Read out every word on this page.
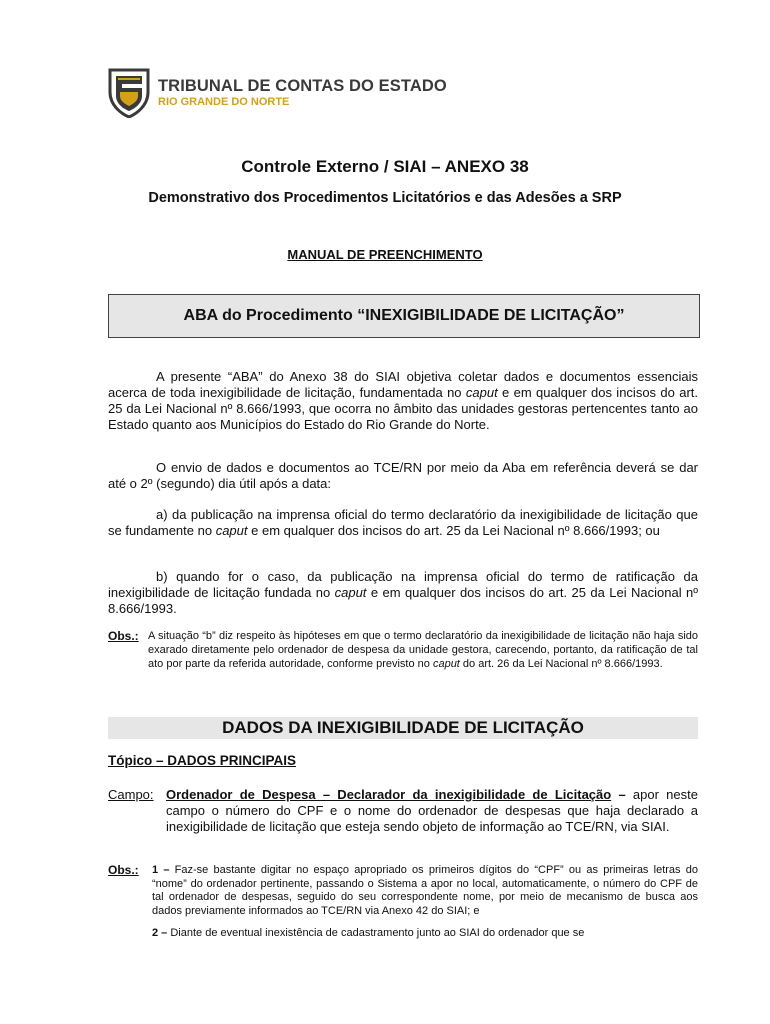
TRIBUNAL DE CONTAS DO ESTADO
RIO GRANDE DO NORTE
Controle Externo / SIAI – ANEXO 38
Demonstrativo dos Procedimentos Licitatórios e das Adesões a SRP
MANUAL DE PREENCHIMENTO
ABA do Procedimento “INEXIGIBILIDADE DE LICITAÇÃO”
A presente “ABA” do Anexo 38 do SIAI objetiva coletar dados e documentos essenciais acerca de toda inexigibilidade de licitação, fundamentada no caput e em qualquer dos incisos do art. 25 da Lei Nacional nº 8.666/1993, que ocorra no âmbito das unidades gestoras pertencentes tanto ao Estado quanto aos Municípios do Estado do Rio Grande do Norte.
O envio de dados e documentos ao TCE/RN por meio da Aba em referência deverá se dar até o 2º (segundo) dia útil após a data:
a) da publicação na imprensa oficial do termo declaratório da inexigibilidade de licitação que se fundamente no caput e em qualquer dos incisos do art. 25 da Lei Nacional nº 8.666/1993; ou
b) quando for o caso, da publicação na imprensa oficial do termo de ratificação da inexigibilidade de licitação fundada no caput e em qualquer dos incisos do art. 25 da Lei Nacional nº 8.666/1993.
Obs.: A situação “b” diz respeito às hipóteses em que o termo declaratório da inexigibilidade de licitação não haja sido exarado diretamente pelo ordenador de despesa da unidade gestora, carecendo, portanto, da ratificação de tal ato por parte da referida autoridade, conforme previsto no caput do art. 26 da Lei Nacional nº 8.666/1993.
DADOS DA INEXIGIBILIDADE DE LICITAÇÃO
Tópico – DADOS PRINCIPAIS
Campo: Ordenador de Despesa – Declarador da inexigibilidade de Licitação – apor neste campo o número do CPF e o nome do ordenador de despesas que haja declarado a inexigibilidade de licitação que esteja sendo objeto de informação ao TCE/RN, via SIAI.
Obs.:	1 – Faz-se bastante digitar no espaço apropriado os primeiros dígitos do “CPF” ou as primeiras letras do “nome” do ordenador pertinente, passando o Sistema a apor no local, automaticamente, o número do CPF de tal ordenador de despesas, seguido do seu correspondente nome, por meio de mecanismo de busca aos dados previamente informados ao TCE/RN via Anexo 42 do SIAI; e
2 – Diante de eventual inexistência de cadastramento junto ao SIAI do ordenador que se
